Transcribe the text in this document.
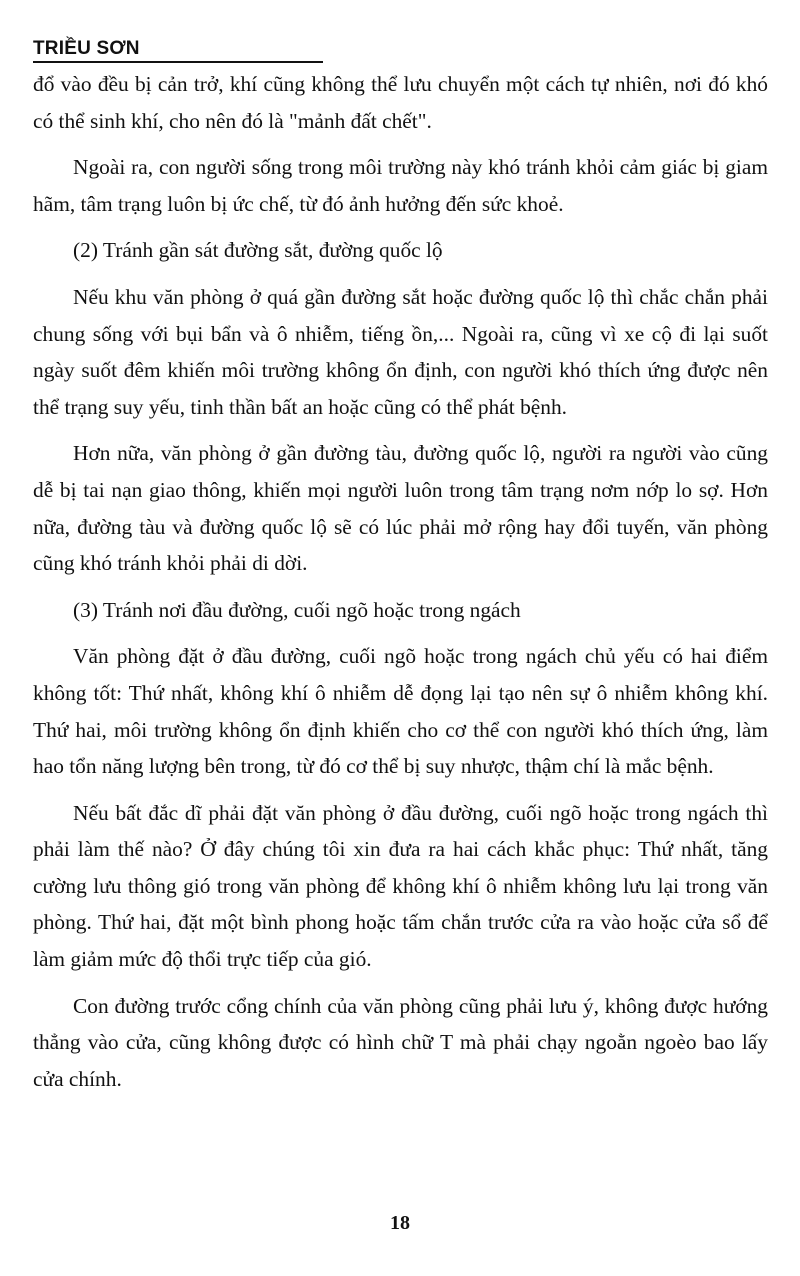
TRIỀU SƠN

đổ vào đều bị cản trở, khí cũng không thể lưu chuyển một cách tự nhiên, nơi đó khó có thể sinh khí, cho nên đó là "mảnh đất chết".

Ngoài ra, con người sống trong môi trường này khó tránh khỏi cảm giác bị giam hãm, tâm trạng luôn bị ức chế, từ đó ảnh hưởng đến sức khoẻ.

(2) Tránh gần sát đường sắt, đường quốc lộ

Nếu khu văn phòng ở quá gần đường sắt hoặc đường quốc lộ thì chắc chắn phải chung sống với bụi bẩn và ô nhiễm, tiếng ồn,... Ngoài ra, cũng vì xe cộ đi lại suốt ngày suốt đêm khiến môi trường không ổn định, con người khó thích ứng được nên thể trạng suy yếu, tinh thần bất an hoặc cũng có thể phát bệnh.

Hơn nữa, văn phòng ở gần đường tàu, đường quốc lộ, người ra người vào cũng dễ bị tai nạn giao thông, khiến mọi người luôn trong tâm trạng nơm nớp lo sợ. Hơn nữa, đường tàu và đường quốc lộ sẽ có lúc phải mở rộng hay đổi tuyến, văn phòng cũng khó tránh khỏi phải di dời.

(3) Tránh nơi đầu đường, cuối ngõ hoặc trong ngách

Văn phòng đặt ở đầu đường, cuối ngõ hoặc trong ngách chủ yếu có hai điểm không tốt: Thứ nhất, không khí ô nhiễm dễ đọng lại tạo nên sự ô nhiễm không khí. Thứ hai, môi trường không ổn định khiến cho cơ thể con người khó thích ứng, làm hao tổn năng lượng bên trong, từ đó cơ thể bị suy nhược, thậm chí là mắc bệnh.

Nếu bất đắc dĩ phải đặt văn phòng ở đầu đường, cuối ngõ hoặc trong ngách thì phải làm thế nào? Ở đây chúng tôi xin đưa ra hai cách khắc phục: Thứ nhất, tăng cường lưu thông gió trong văn phòng để không khí ô nhiễm không lưu lại trong văn phòng. Thứ hai, đặt một bình phong hoặc tấm chắn trước cửa ra vào hoặc cửa sổ để làm giảm mức độ thổi trực tiếp của gió.

Con đường trước cổng chính của văn phòng cũng phải lưu ý, không được hướng thẳng vào cửa, cũng không được có hình chữ T mà phải chạy ngoằn ngoèo bao lấy cửa chính.

18
